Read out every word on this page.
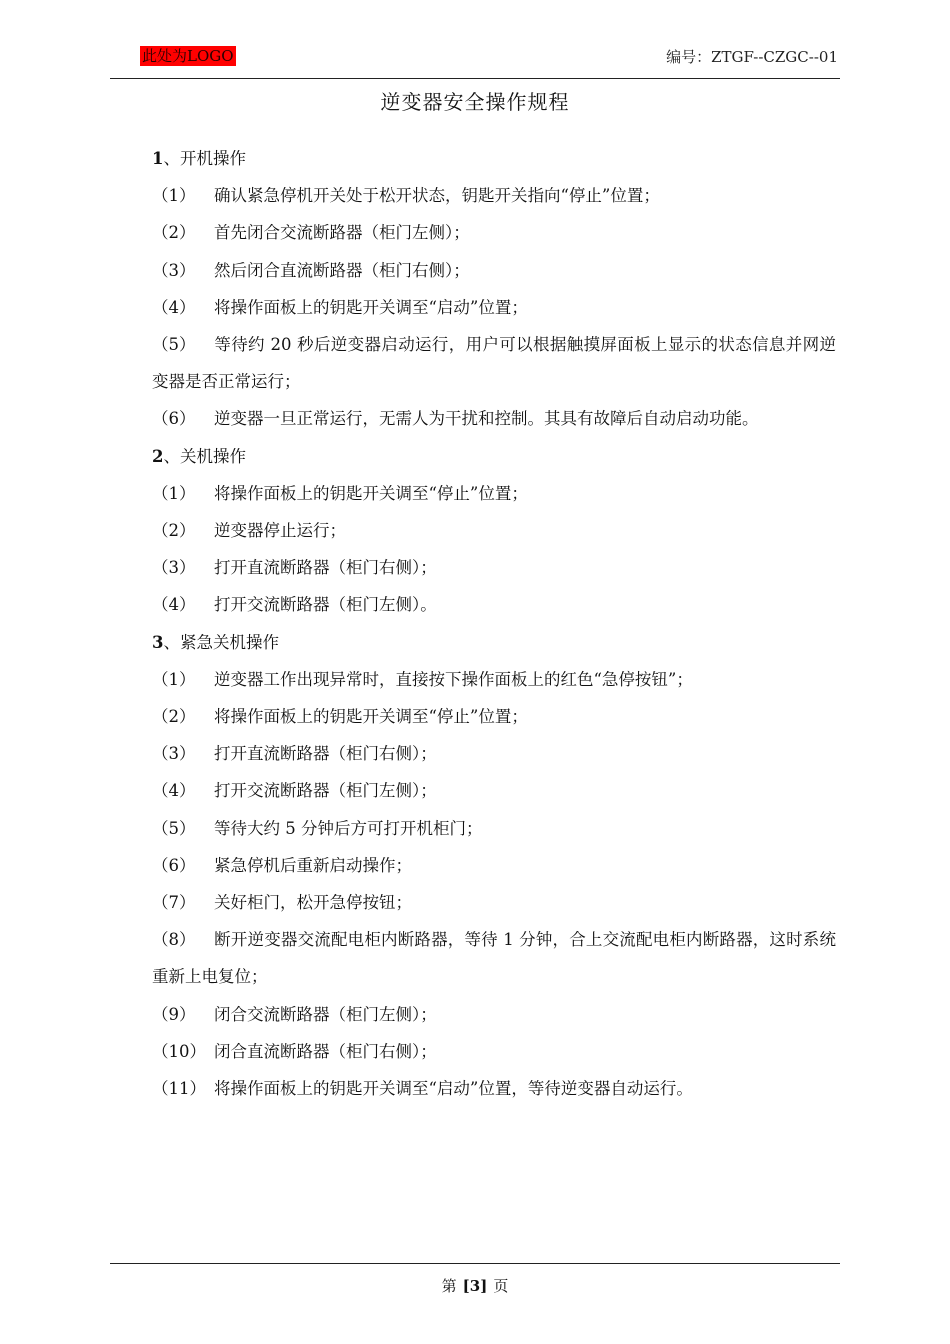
此处为LOGO	编号：ZTGF--CZGC--01
逆变器安全操作规程

1、开机操作

（1） 确认紧急停机开关处于松开状态，钥匙开关指向“停止”位置；

（2） 首先闭合交流断路器（柜门左侧）；

（3） 然后闭合直流断路器（柜门右侧）；

（4） 将操作面板上的钥匙开关调至“启动”位置；

（5） 等待约 20 秒后逆变器启动运行，用户可以根据触摸屏面板上显示的状态信息并网逆变器是否正常运行；

（6） 逆变器一旦正常运行，无需人为干扰和控制。其具有故障后自动启动功能。

2、关机操作

（1） 将操作面板上的钥匙开关调至“停止”位置；

（2） 逆变器停止运行；

（3） 打开直流断路器（柜门右侧）；

（4） 打开交流断路器（柜门左侧）。

3、紧急关机操作

（1） 逆变器工作出现异常时，直接按下操作面板上的红色“急停按钮”；

（2） 将操作面板上的钥匙开关调至“停止”位置；

（3） 打开直流断路器（柜门右侧）；

（4） 打开交流断路器（柜门左侧）；

（5） 等待大约 5 分钟后方可打开机柜门；

（6） 紧急停机后重新启动操作；

（7） 关好柜门，松开急停按钮；

（8） 断开逆变器交流配电柜内断路器，等待 1 分钟，合上交流配电柜内断路器，这时系统重新上电复位；

（9） 闭合交流断路器（柜门左侧）；

（10） 闭合直流断路器（柜门右侧）；

（11） 将操作面板上的钥匙开关调至“启动”位置，等待逆变器自动运行。

第 [3] 页
